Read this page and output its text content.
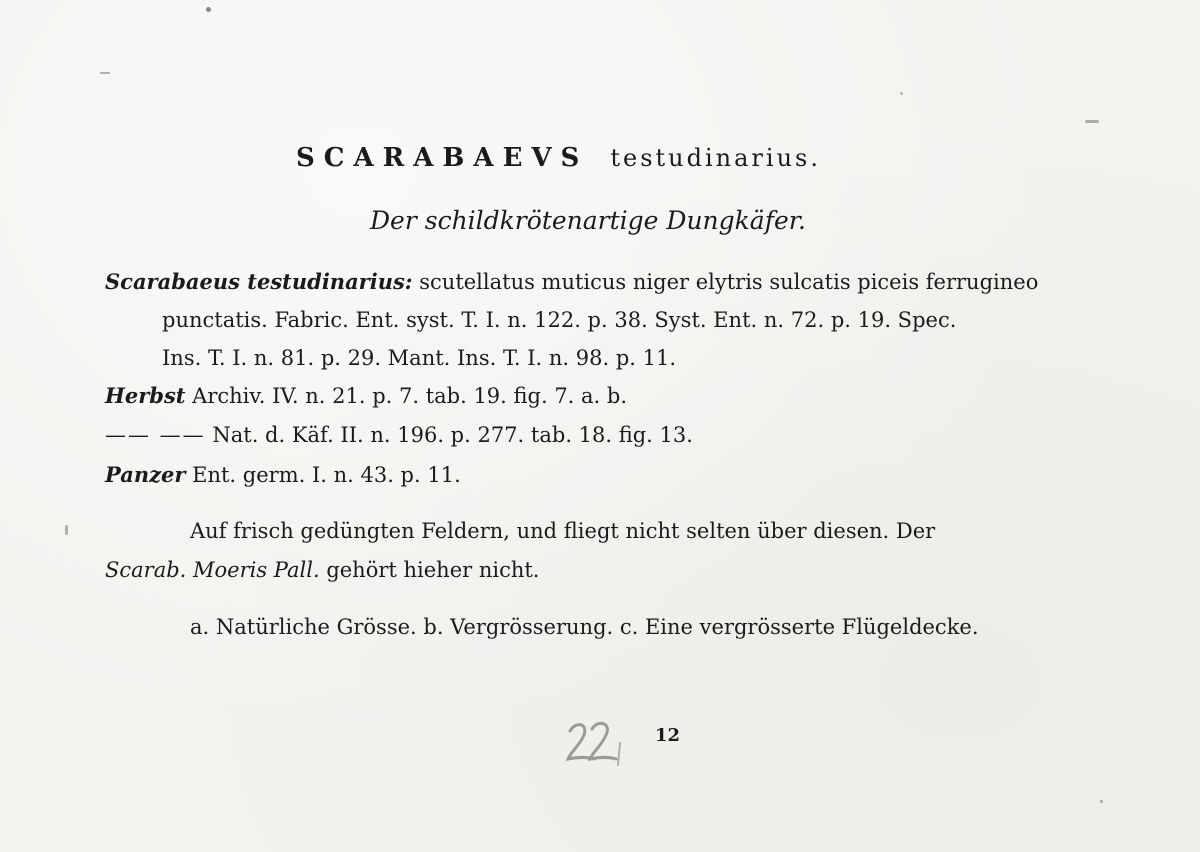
SCARABAEVS testudinarius.
Der schildkrötenartige Dungkäfer.
Scarabaeus testudinarius: scutellatus muticus niger elytris sulcatis piceis ferrugineo
punctatis. Fabric. Ent. syst. T. I. n. 122. p. 38. Syst. Ent. n. 72. p. 19. Spec.
Ins. T. I. n. 81. p. 29. Mant. Ins. T. I. n. 98. p. 11.
Herbst Archiv. IV. n. 21. p. 7. tab. 19. fig. 7. a. b.
—— —— Nat. d. Käf. II. n. 196. p. 277. tab. 18. fig. 13.
Panzer Ent. germ. I. n. 43. p. 11.
Auf frisch gedüngten Feldern, und fliegt nicht selten über diesen. Der
Scarab. Moeris Pall. gehört hieher nicht.
a. Natürliche Grösse. b. Vergrösserung. c. Eine vergrösserte Flügeldecke.
12
